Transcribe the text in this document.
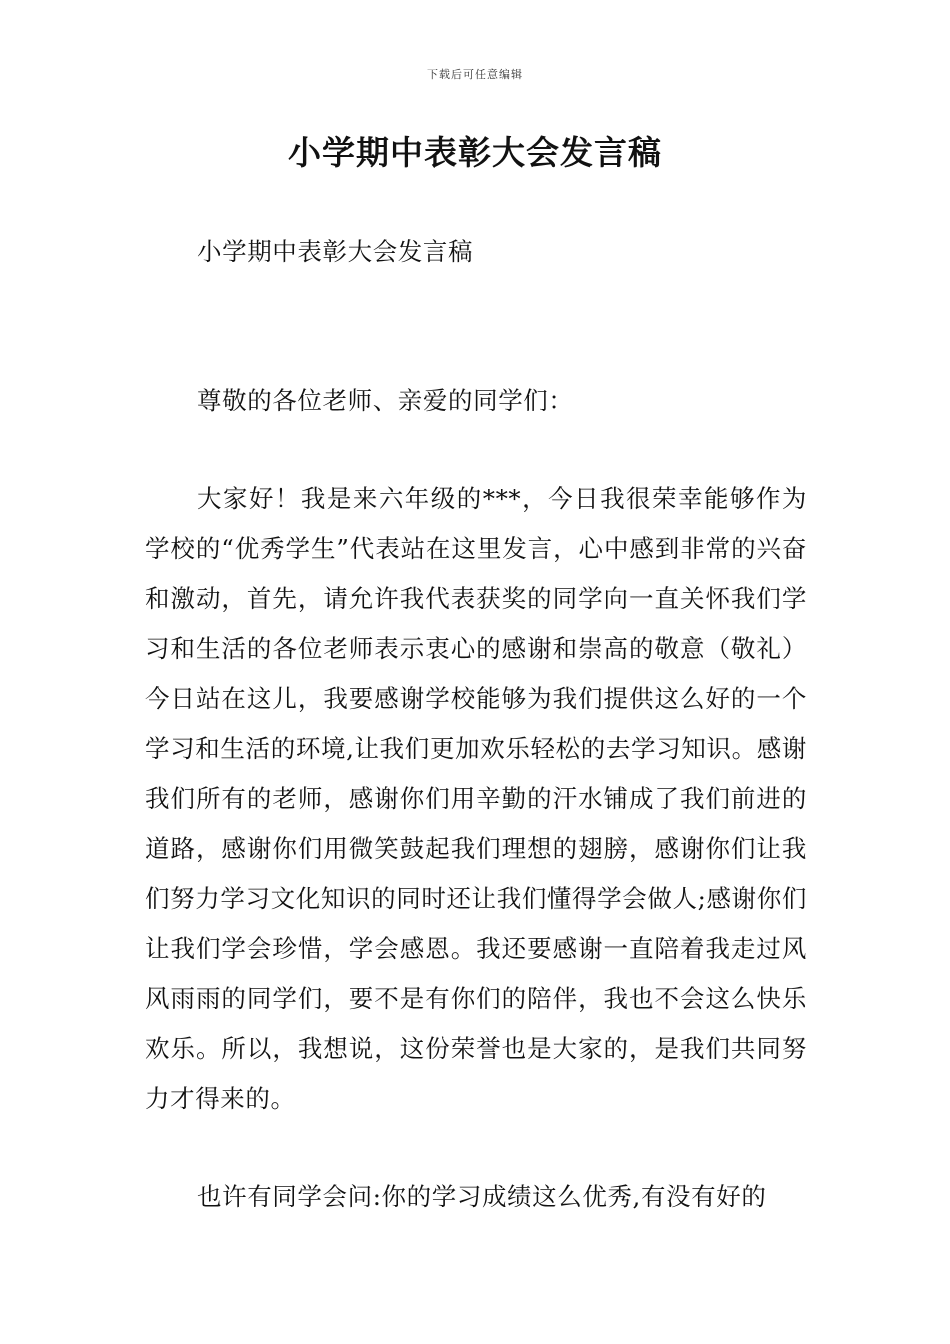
下载后可任意编辑
小学期中表彰大会发言稿
小学期中表彰大会发言稿
尊敬的各位老师、亲爱的同学们：
大家好！我是来六年级的***，今日我很荣幸能够作为学校的“优秀学生”代表站在这里发言，心中感到非常的兴奋和激动，首先，请允许我代表获奖的同学向一直关怀我们学习和生活的各位老师表示衷心的感谢和崇高的敬意（敬礼）今日站在这儿，我要感谢学校能够为我们提供这么好的一个学习和生活的环境,让我们更加欢乐轻松的去学习知识。感谢我们所有的老师，感谢你们用辛勤的汗水铺成了我们前进的道路，感谢你们用微笑鼓起我们理想的翅膀，感谢你们让我们努力学习文化知识的同时还让我们懂得学会做人;感谢你们让我们学会珍惜，学会感恩。我还要感谢一直陪着我走过风风雨雨的同学们，要不是有你们的陪伴，我也不会这么快乐欢乐。所以，我想说，这份荣誉也是大家的，是我们共同努力才得来的。
也许有同学会问:你的学习成绩这么优秀,有没有好的
